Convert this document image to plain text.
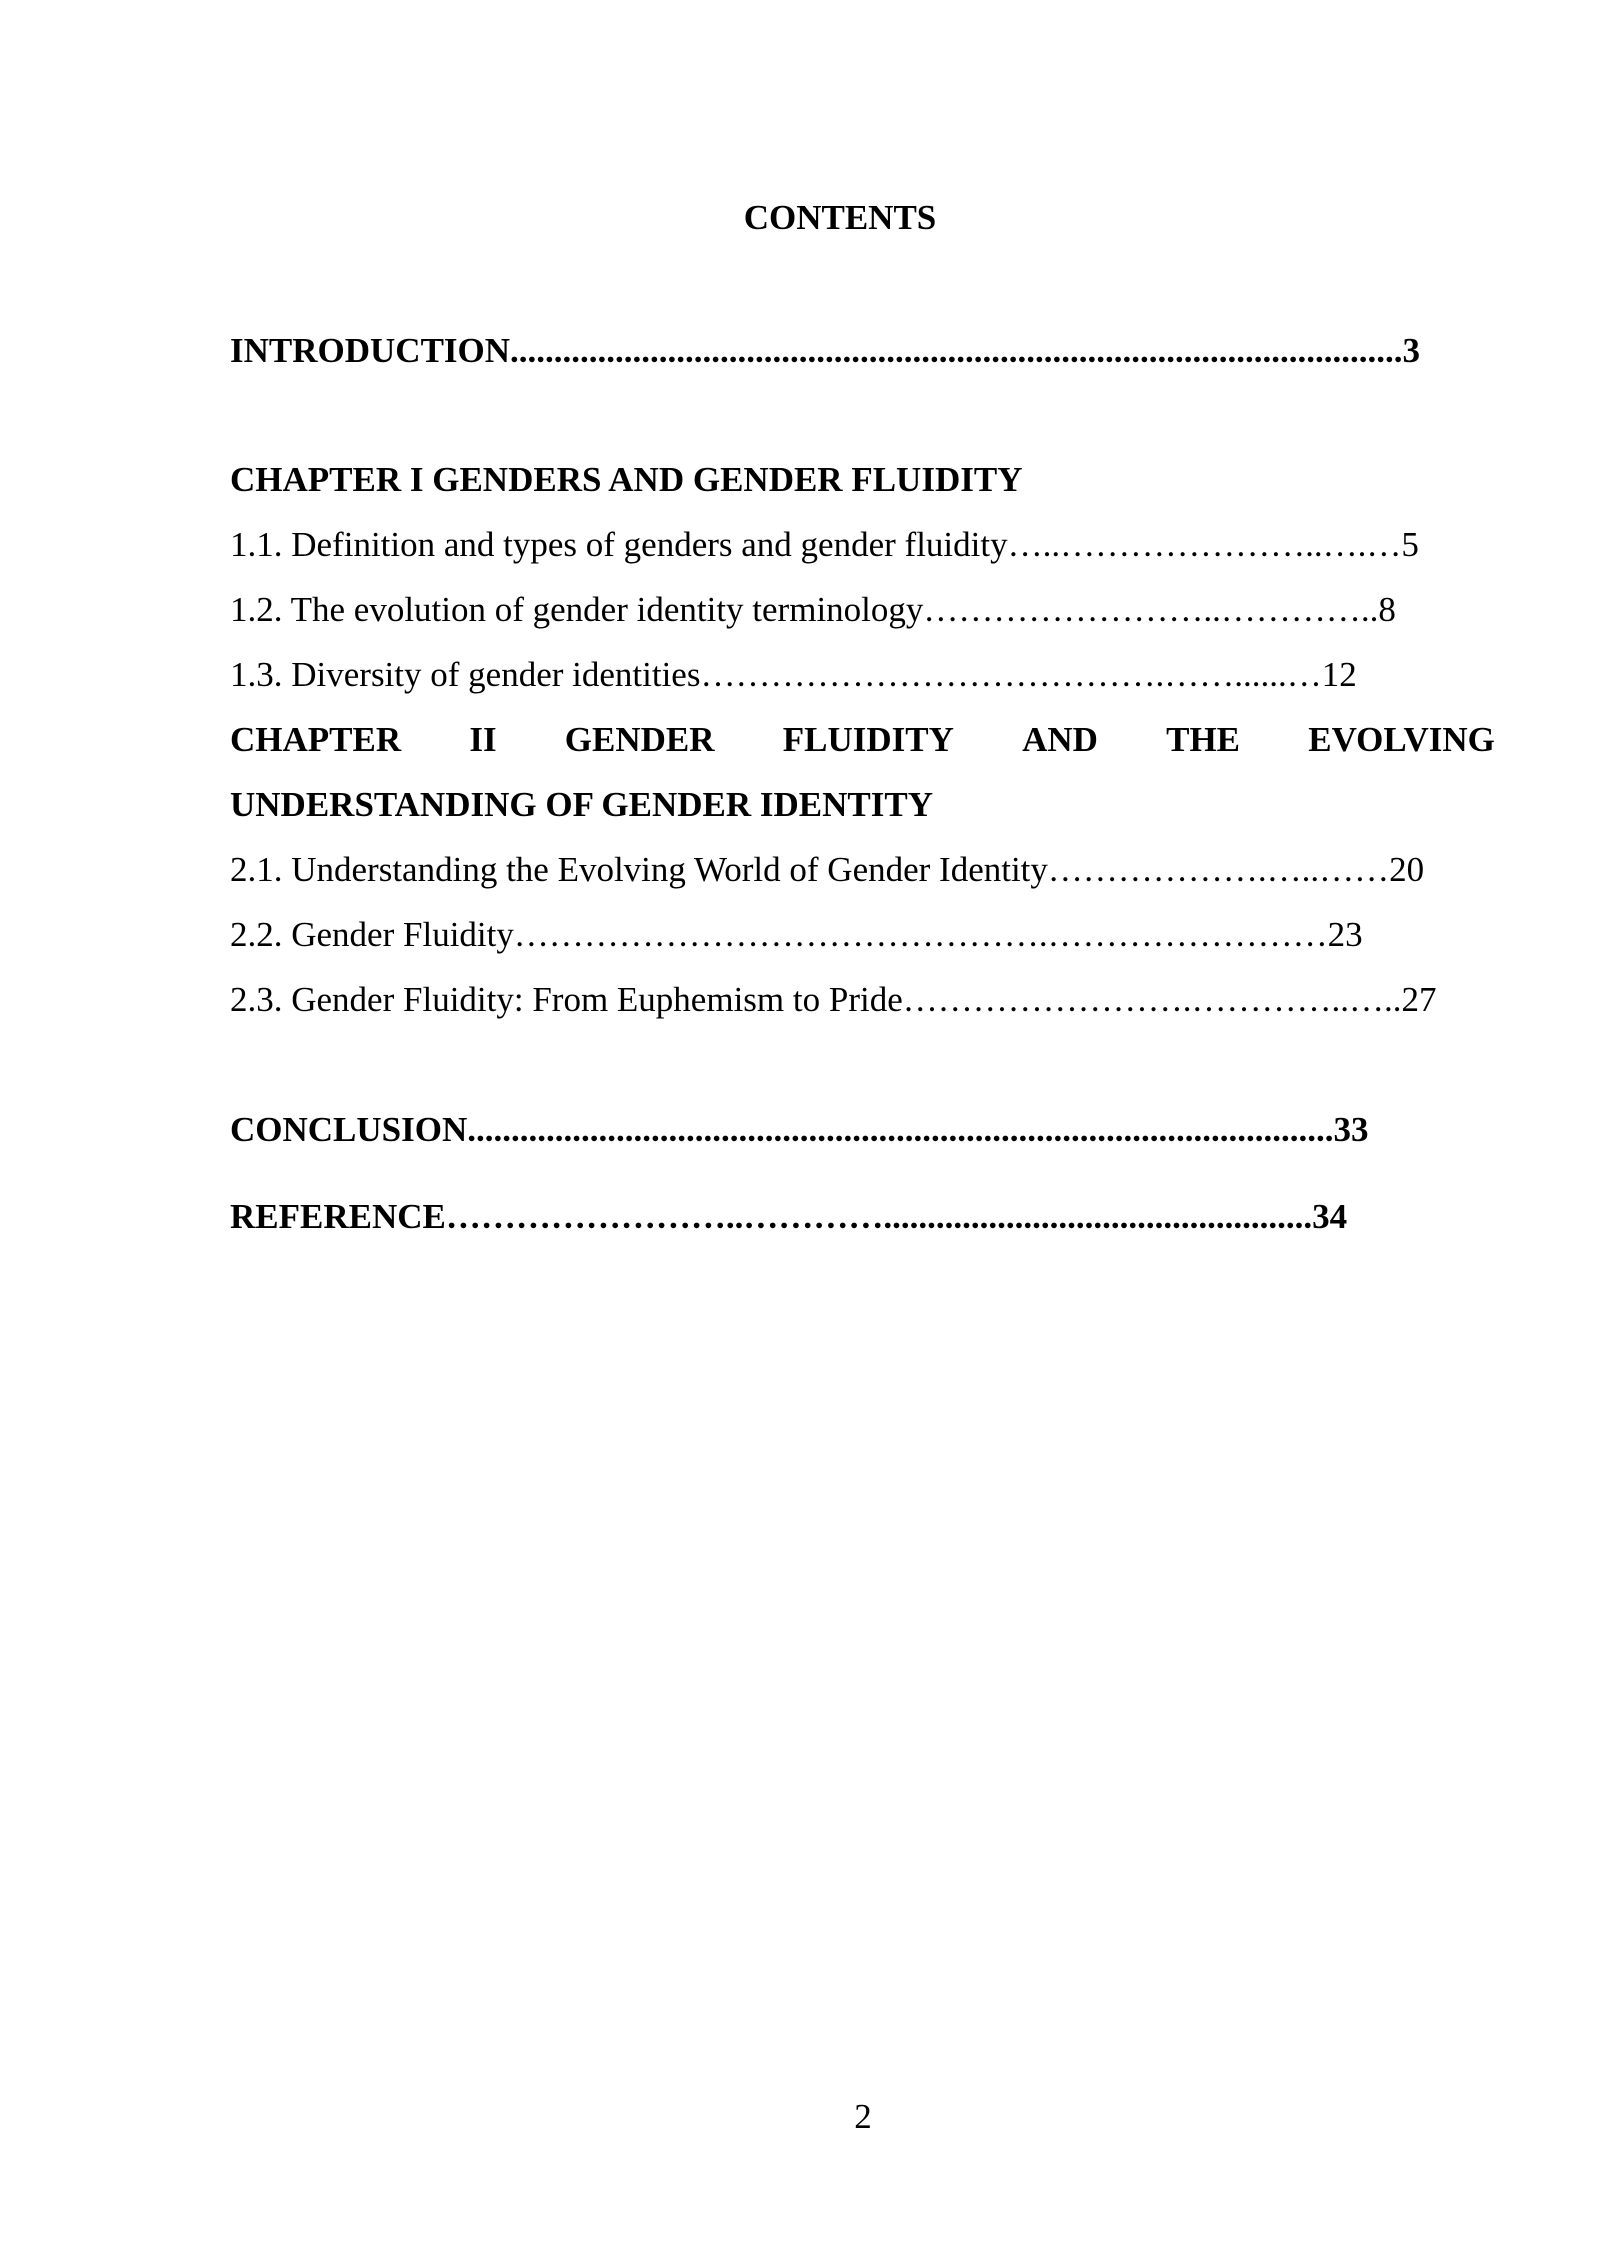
CONTENTS
INTRODUCTION......................................................................................................3
CHAPTER I GENDERS AND GENDER FLUIDITY
1.1. Definition and types of genders and gender fluidity…..…………………..….…5
1.2. The evolution of gender identity terminology……………………..…………..8
1.3. Diversity of gender identities………………………………….……......…12
CHAPTER II GENDER FLUIDITY AND THE EVOLVING
UNDERSTANDING OF GENDER IDENTITY
2.1. Understanding the Evolving World of Gender Identity……………….…..……20
2.2. Gender Fluidity……………………………………….……………………23
2.3. Gender Fluidity: From Euphemism to Pride…………………….…………..…..27
CONCLUSION...................................................................................................33
REFERENCE……………………..………….................................................34
2
